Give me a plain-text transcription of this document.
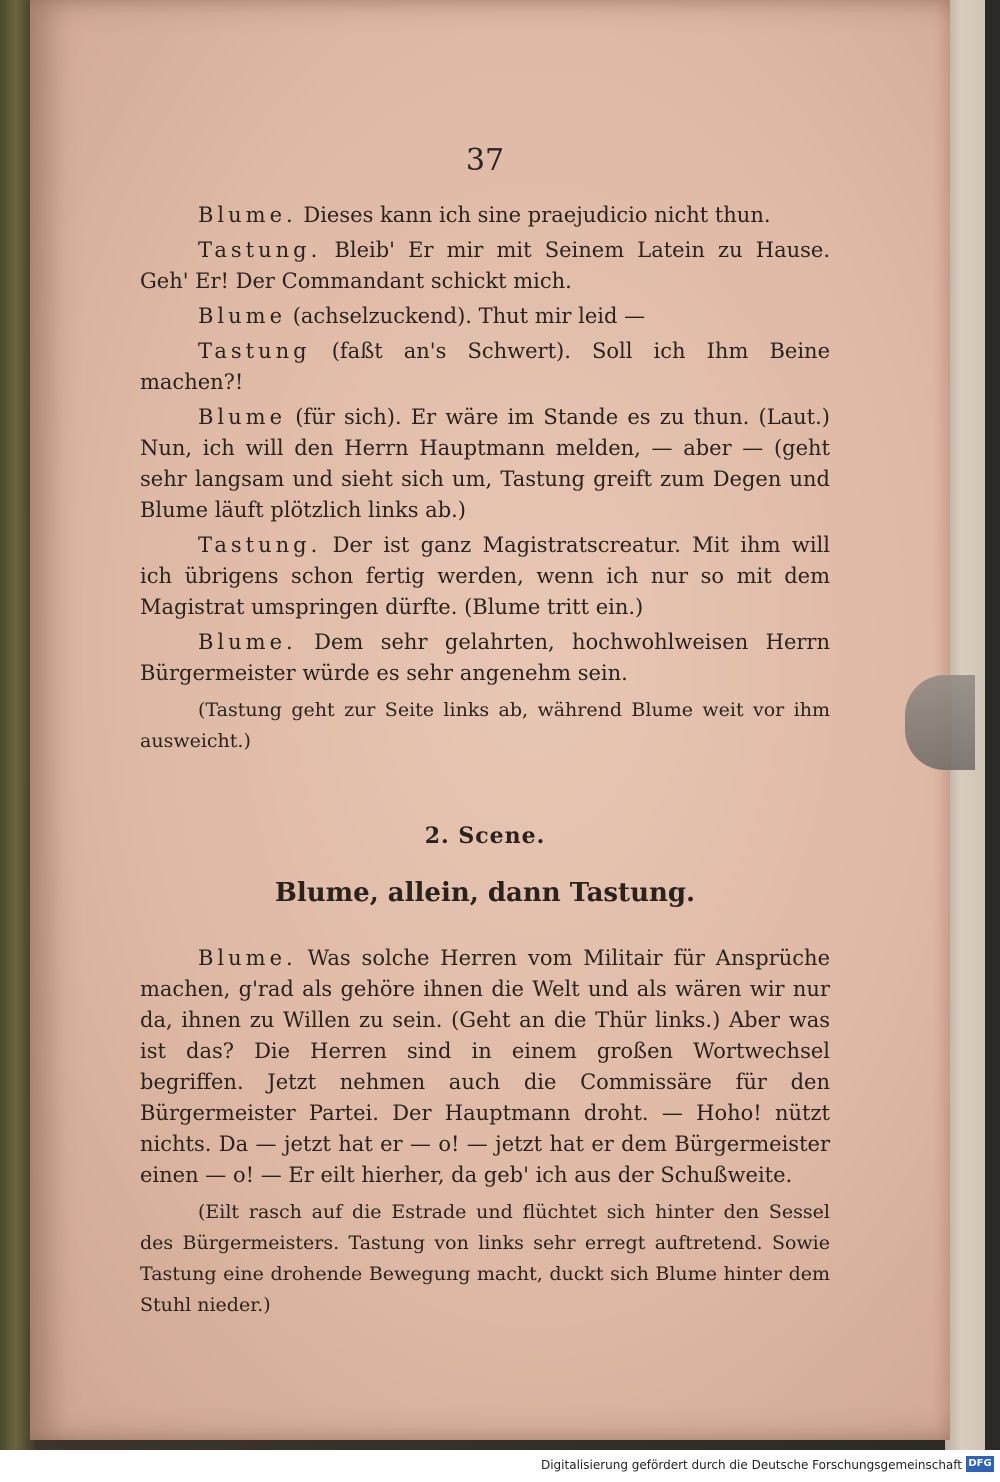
37

Blume. Dieses kann ich sine praejudicio nicht thun.

Tastung. Bleib' Er mir mit Seinem Latein zu Hause. Geh' Er! Der Commandant schickt mich.

Blume (achselzuckend). Thut mir leid —

Tastung (faßt an's Schwert). Soll ich Ihm Beine machen?!

Blume (für sich). Er wäre im Stande es zu thun. (Laut.) Nun, ich will den Herrn Hauptmann melden, — aber — (geht sehr langsam und sieht sich um, Tastung greift zum Degen und Blume läuft plötzlich links ab.)

Tastung. Der ist ganz Magistratscreatur. Mit ihm will ich übrigens schon fertig werden, wenn ich nur so mit dem Magistrat umspringen dürfte. (Blume tritt ein.)

Blume. Dem sehr gelahrten, hochwohlweisen Herrn Bürgermeister würde es sehr angenehm sein.

(Tastung geht zur Seite links ab, während Blume weit vor ihm ausweicht.)

2. Scene.
Blume, allein, dann Tastung.

Blume. Was solche Herren vom Militair für Ansprüche machen, g'rad als gehöre ihnen die Welt und als wären wir nur da, ihnen zu Willen zu sein. (Geht an die Thür links.) Aber was ist das? Die Herren sind in einem großen Wortwechsel begriffen. Jetzt nehmen auch die Commissäre für den Bürgermeister Partei. Der Hauptmann droht. — Hoho! nützt nichts. Da — jetzt hat er — o! — jetzt hat er dem Bürgermeister einen — o! — Er eilt hierher, da geb' ich aus der Schußweite.

(Eilt rasch auf die Estrade und flüchtet sich hinter den Sessel des Bürgermeisters. Tastung von links sehr erregt auftretend. Sowie Tastung eine drohende Bewegung macht, duckt sich Blume hinter dem Stuhl nieder.)

Digitalisierung gefördert durch die Deutsche Forschungsgemeinschaft DFG
